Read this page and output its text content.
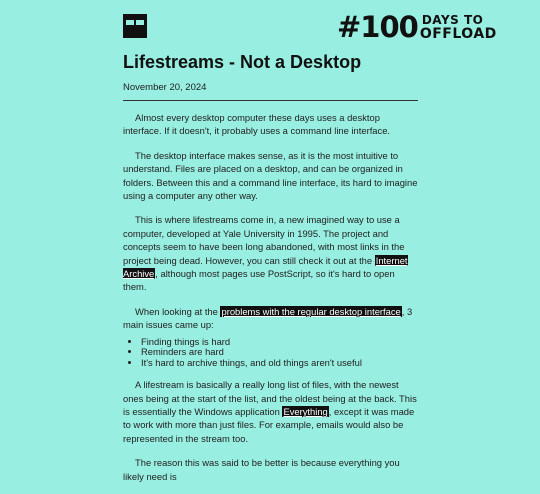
#100 DAYS TO
OFFLOAD
Lifestreams - Not a Desktop
November 20, 2024

Almost every desktop computer these days uses a desktop interface. If it doesn't, it probably uses a command line interface.

The desktop interface makes sense, as it is the most intuitive to understand. Files are placed on a desktop, and can be organized in folders. Between this and a command line interface, its hard to imagine using a computer any other way.

This is where lifestreams come in, a new imagined way to use a computer, developed at Yale University in 1995. The project and concepts seem to have been long abandoned, with most links in the project being dead. However, you can still check it out at the Internet Archive, although most pages use PostScript, so it's hard to open them.

When looking at the problems with the regular desktop interface, 3 main issues came up:

• Finding things is hard
• Reminders are hard
• It's hard to archive things, and old things aren't useful

A lifestream is basically a really long list of files, with the newest ones being at the start of the list, and the oldest being at the back. This is essentially the Windows application Everything, except it was made to work with more than just files. For example, emails would also be represented in the stream too.

The reason this was said to be better is because everything you likely need is
